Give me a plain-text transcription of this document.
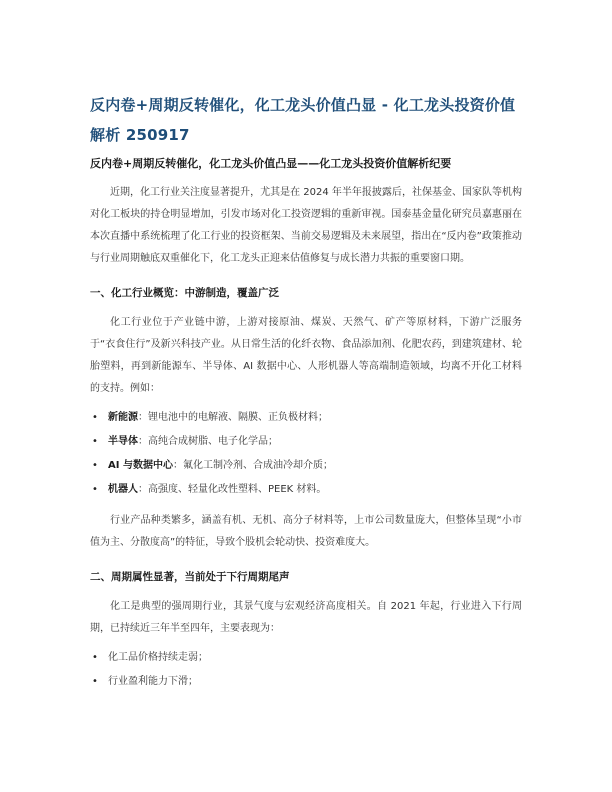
反内卷+周期反转催化，化工龙头价值凸显 - 化工龙头投资价值解析 250917
反内卷+周期反转催化，化工龙头价值凸显——化工龙头投资价值解析纪要

近期，化工行业关注度显著提升，尤其是在 2024 年半年报披露后，社保基金、国家队等机构对化工板块的持仓明显增加，引发市场对化工投资逻辑的重新审视。国泰基金量化研究员嘉惠丽在本次直播中系统梳理了化工行业的投资框架、当前交易逻辑及未来展望，指出在“反内卷”政策推动与行业周期触底双重催化下，化工龙头正迎来估值修复与成长潜力共振的重要窗口期。

一、化工行业概览：中游制造，覆盖广泛

化工行业位于产业链中游，上游对接原油、煤炭、天然气、矿产等原材料，下游广泛服务于“衣食住行”及新兴科技产业。从日常生活的化纤衣物、食品添加剂、化肥农药，到建筑建材、轮胎塑料，再到新能源车、半导体、AI 数据中心、人形机器人等高端制造领域，均离不开化工材料的支持。例如：

• 新能源：锂电池中的电解液、隔膜、正负极材料；
• 半导体：高纯合成树脂、电子化学品；
• AI 与数据中心：氟化工制冷剂、合成油冷却介质；
• 机器人：高强度、轻量化改性塑料、PEEK 材料。

行业产品种类繁多，涵盖有机、无机、高分子材料等，上市公司数量庞大，但整体呈现“小市值为主、分散度高”的特征，导致个股机会轮动快、投资难度大。

二、周期属性显著，当前处于下行周期尾声

化工是典型的强周期行业，其景气度与宏观经济高度相关。自 2021 年起，行业进入下行周期，已持续近三年半至四年，主要表现为：

• 化工品价格持续走弱；
• 行业盈利能力下滑；
